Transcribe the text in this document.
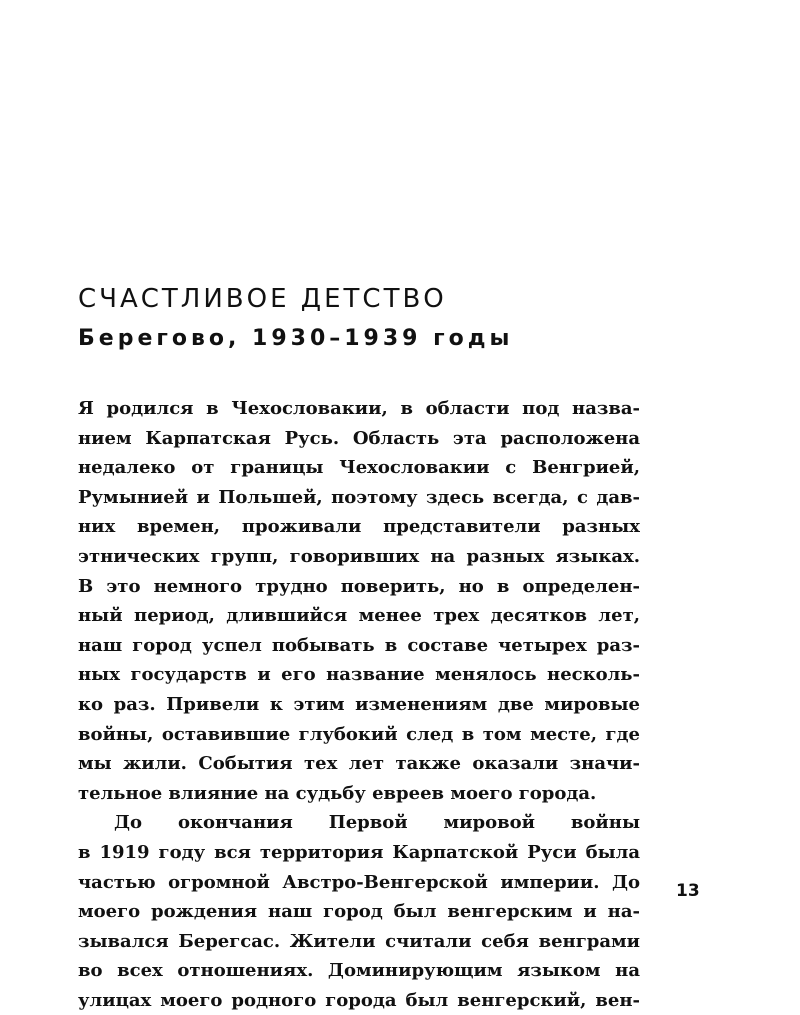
СЧАСТЛИВОЕ ДЕТСТВО
Берегово, 1930–1939 годы
Я родился в Чехословакии, в области под назва-
нием Карпатская Русь. Область эта расположена
недалеко от границы Чехословакии с Венгрией,
Румынией и Польшей, поэтому здесь всегда, с дав-
них времен, проживали представители разных
этнических групп, говоривших на разных языках.
В это немного трудно поверить, но в определен-
ный период, длившийся менее трех десятков лет,
наш город успел побывать в составе четырех раз-
ных государств и его название менялось несколь-
ко раз. Привели к этим изменениям две мировые
войны, оставившие глубокий след в том месте, где
мы жили. События тех лет также оказали значи-
тельное влияние на судьбу евреев моего города.
До окончания Первой мировой войны
в 1919 году вся территория Карпатской Руси была
частью огромной Австро-Венгерской империи. До
моего рождения наш город был венгерским и на-
зывался Берегсас. Жители считали себя венграми
во всех отношениях. Доминирующим языком на
улицах моего родного города был венгерский, вен-
13
